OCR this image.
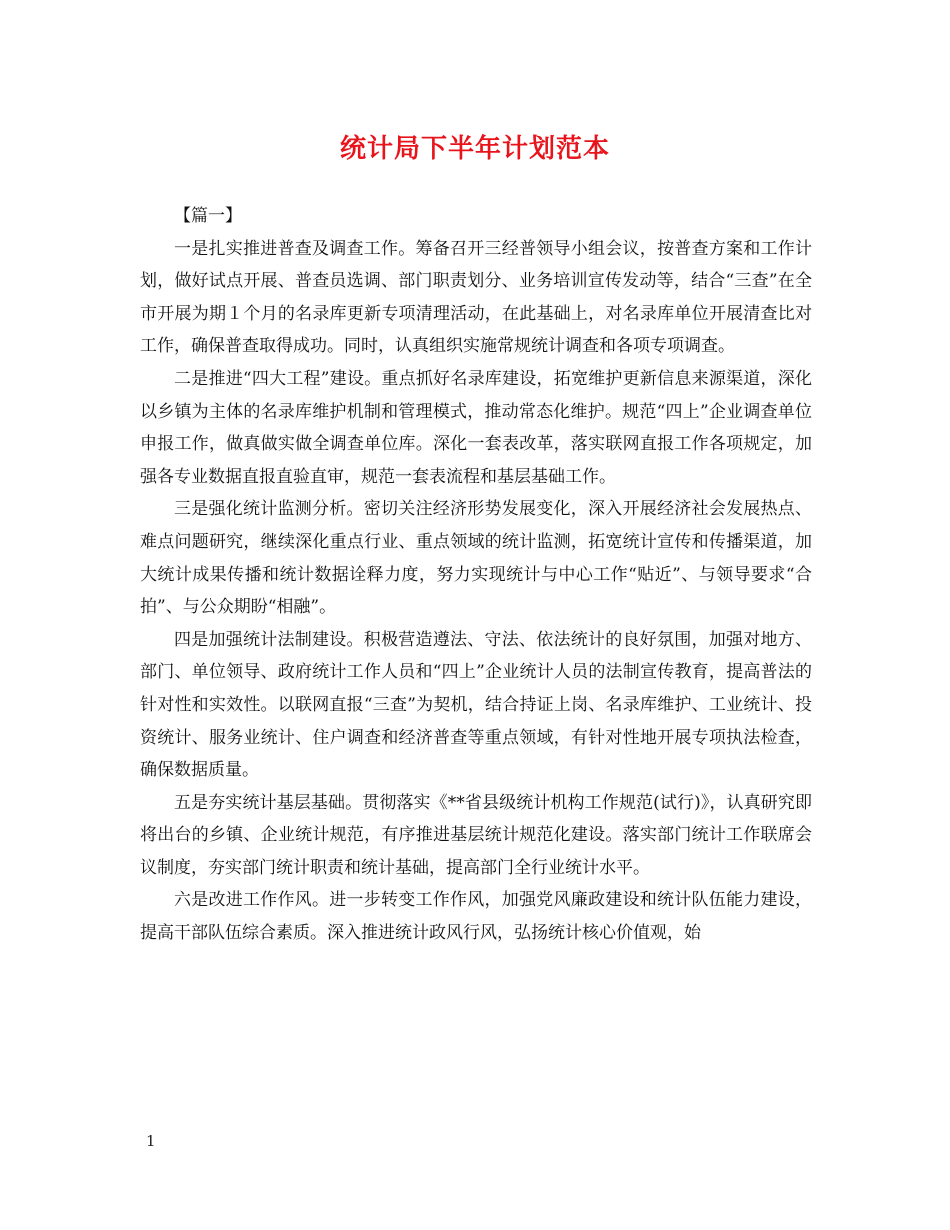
统计局下半年计划范本

【篇一】

一是扎实推进普查及调查工作。筹备召开三经普领导小组会议，按普查方案和工作计划，做好试点开展、普查员选调、部门职责划分、业务培训宣传发动等，结合“三查”在全市开展为期１个月的名录库更新专项清理活动，在此基础上，对名录库单位开展清查比对工作，确保普查取得成功。同时，认真组织实施常规统计调查和各项专项调查。

二是推进“四大工程”建设。重点抓好名录库建设，拓宽维护更新信息来源渠道，深化以乡镇为主体的名录库维护机制和管理模式，推动常态化维护。规范“四上”企业调查单位申报工作，做真做实做全调查单位库。深化一套表改革，落实联网直报工作各项规定，加强各专业数据直报直验直审，规范一套表流程和基层基础工作。

三是强化统计监测分析。密切关注经济形势发展变化，深入开展经济社会发展热点、难点问题研究，继续深化重点行业、重点领域的统计监测，拓宽统计宣传和传播渠道，加大统计成果传播和统计数据诠释力度，努力实现统计与中心工作“贴近”、与领导要求“合拍”、与公众期盼“相融”。

四是加强统计法制建设。积极营造遵法、守法、依法统计的良好氛围，加强对地方、部门、单位领导、政府统计工作人员和“四上”企业统计人员的法制宣传教育，提高普法的针对性和实效性。以联网直报“三查”为契机，结合持证上岗、名录库维护、工业统计、投资统计、服务业统计、住户调查和经济普查等重点领域，有针对性地开展专项执法检查，确保数据质量。

五是夯实统计基层基础。贯彻落实《**省县级统计机构工作规范(试行)》，认真研究即将出台的乡镇、企业统计规范，有序推进基层统计规范化建设。落实部门统计工作联席会议制度，夯实部门统计职责和统计基础，提高部门全行业统计水平。

六是改进工作作风。进一步转变工作作风，加强党风廉政建设和统计队伍能力建设，提高干部队伍综合素质。深入推进统计政风行风，弘扬统计核心价值观，始

1
